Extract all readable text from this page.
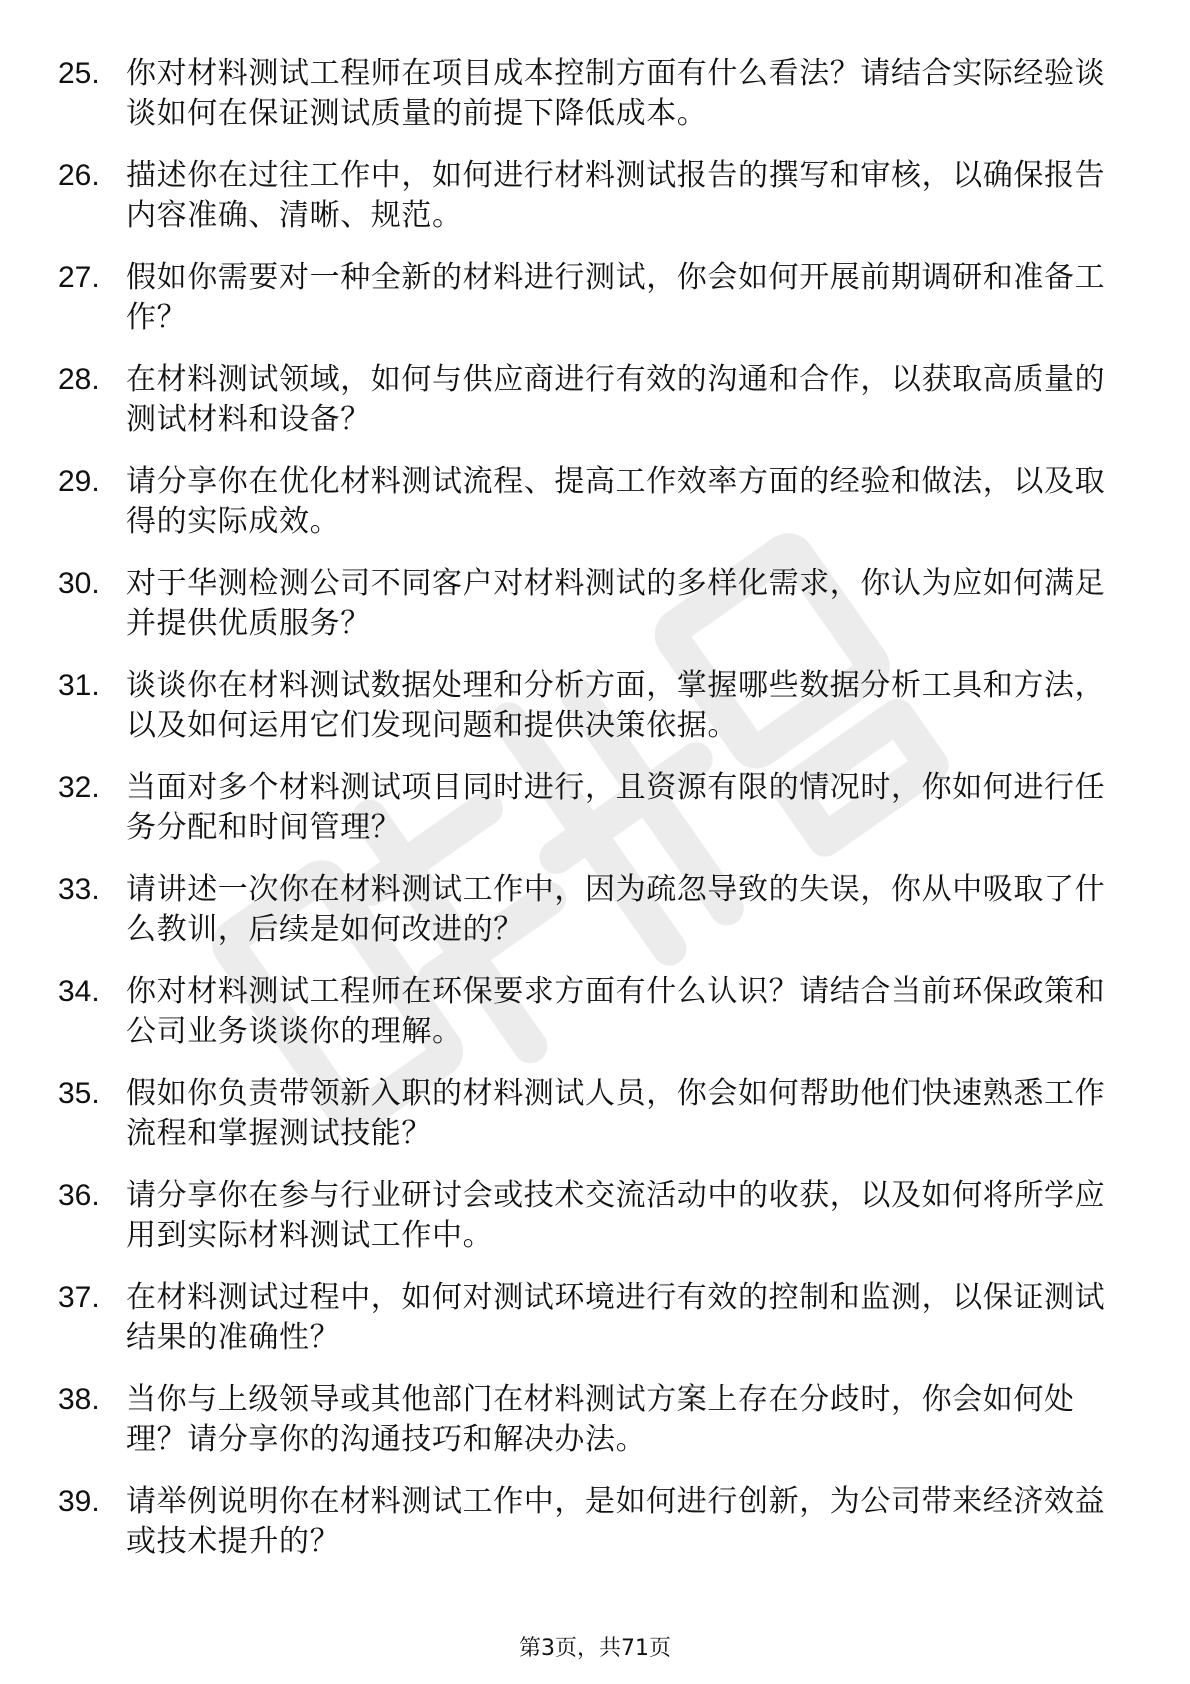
25. 你对材料测试工程师在项目成本控制方面有什么看法？请结合实际经验谈谈如何在保证测试质量的前提下降低成本。
26. 描述你在过往工作中，如何进行材料测试报告的撰写和审核，以确保报告内容准确、清晰、规范。
27. 假如你需要对一种全新的材料进行测试，你会如何开展前期调研和准备工作？
28. 在材料测试领域，如何与供应商进行有效的沟通和合作，以获取高质量的测试材料和设备？
29. 请分享你在优化材料测试流程、提高工作效率方面的经验和做法，以及取得的实际成效。
30. 对于华测检测公司不同客户对材料测试的多样化需求，你认为应如何满足并提供优质服务？
31. 谈谈你在材料测试数据处理和分析方面，掌握哪些数据分析工具和方法，以及如何运用它们发现问题和提供决策依据。
32. 当面对多个材料测试项目同时进行，且资源有限的情况时，你如何进行任务分配和时间管理？
33. 请讲述一次你在材料测试工作中，因为疏忽导致的失误，你从中吸取了什么教训，后续是如何改进的？
34. 你对材料测试工程师在环保要求方面有什么认识？请结合当前环保政策和公司业务谈谈你的理解。
35. 假如你负责带领新入职的材料测试人员，你会如何帮助他们快速熟悉工作流程和掌握测试技能？
36. 请分享你在参与行业研讨会或技术交流活动中的收获，以及如何将所学应用到实际材料测试工作中。
37. 在材料测试过程中，如何对测试环境进行有效的控制和监测，以保证测试结果的准确性？
38. 当你与上级领导或其他部门在材料测试方案上存在分歧时，你会如何处理？请分享你的沟通技巧和解决办法。
39. 请举例说明你在材料测试工作中，是如何进行创新，为公司带来经济效益或技术提升的？
第3页，共71页
